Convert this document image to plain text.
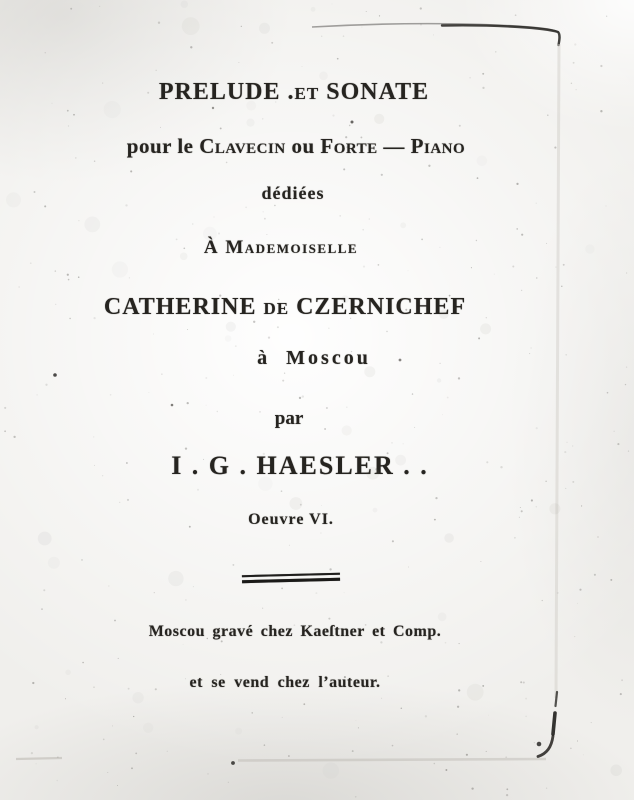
PRELUDE .et SONATE
pour le Clavecin ou Forte — Piano
dédiées
À Mademoiselle
CATHERINE de CZERNICHEF
à Moscou
par
I . G . HAESLER . .
Oeuvre VI.
Moscou gravé chez Kaeſtner et Comp.
et se vend chez l’auteur.
